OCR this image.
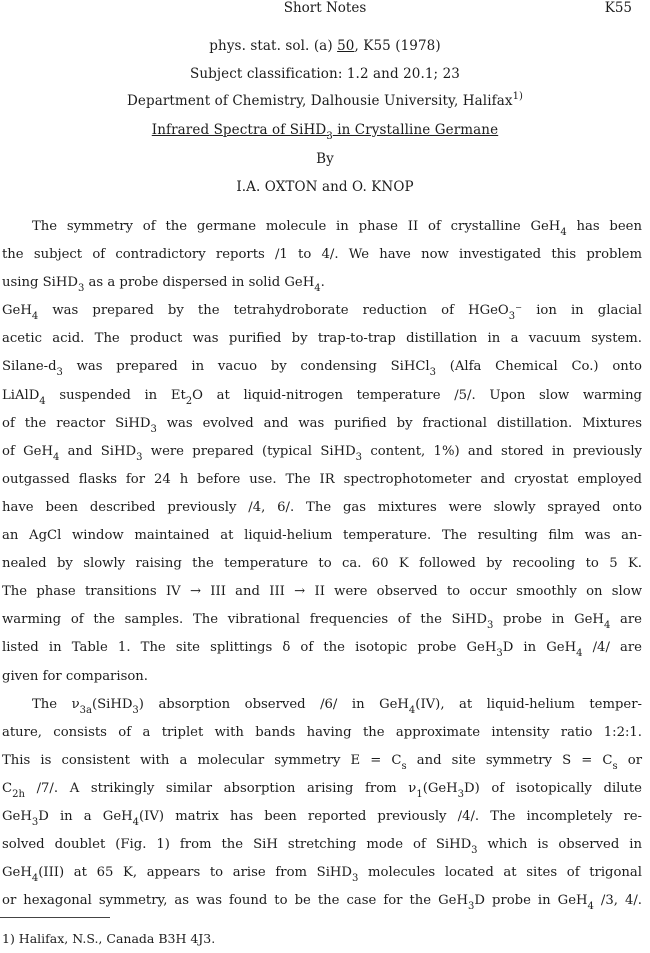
Short Notes	K55
phys. stat. sol. (a) 50, K55 (1978)
Subject classification: 1.2 and 20.1; 23
Department of Chemistry, Dalhousie University, Halifax$^{1)}$
Infrared Spectra of SiHD$_3$ in Crystalline Germane
By
I.A. OXTON and O. KNOP
The symmetry of the germane molecule in phase II of crystalline GeH$_4$ has been
the subject of contradictory reports /1 to 4/. We have now investigated this problem
using SiHD$_3$ as a probe dispersed in solid GeH$_4$.
GeH$_4$ was prepared by the tetrahydroborate reduction of HGeO$_3$⁻ ion in glacial
acetic acid. The product was purified by trap-to-trap distillation in a vacuum system.
Silane-$d_3$ was prepared in vacuo by condensing SiHCl$_3$ (Alfa Chemical Co.) onto
LiAlD$_4$ suspended in $Et_2O$ at liquid-nitrogen temperature /5/. Upon slow warming
of the reactor SiHD$_3$ was evolved and was purified by fractional distillation. Mixtures
of GeH$_4$ and SiHD$_3$ were prepared (typical SiHD$_3$ content, 1%) and stored in previously
outgassed flasks for 24 h before use. The IR spectrophotometer and cryostat employed
have been described previously /4, 6/. The gas mixtures were slowly sprayed onto
an AgCl window maintained at liquid-helium temperature. The resulting film was an-
nealed by slowly raising the temperature to ca. 60 K followed by recooling to 5 K.
The phase transitions IV → III and III → II were observed to occur smoothly on slow
warming of the samples. The vibrational frequencies of the SiHD$_3$ probe in GeH$_4$ are
listed in Table 1. The site splittings δ of the isotopic probe GeH$_3$D in GeH$_4$ /4/ are
given for comparison.
The $\nu_{3a}(SiHD_3)$ absorption observed /6/ in GeH$_4$(IV), at liquid-helium temper-
ature, consists of a triplet with bands having the approximate intensity ratio 1:2:1.
This is consistent with a molecular symmetry $E = C_s$ and site symmetry $S = C_s$ or
$C_{2h}$ /7/. A strikingly similar absorption arising from $\nu_1(GeH_3D)$ of isotopically dilute
GeH$_3$D in a GeH$_4$(IV) matrix has been reported previously /4/. The incompletely re-
solved doublet (Fig. 1) from the SiH stretching mode of SiHD$_3$ which is observed in
GeH$_4$(III) at 65 K, appears to arise from SiHD$_3$ molecules located at sites of trigonal
or hexagonal symmetry, as was found to be the case for the GeH$_3$D probe in GeH$_4$ /3, 4/.
1) Halifax, N.S., Canada B3H 4J3.
